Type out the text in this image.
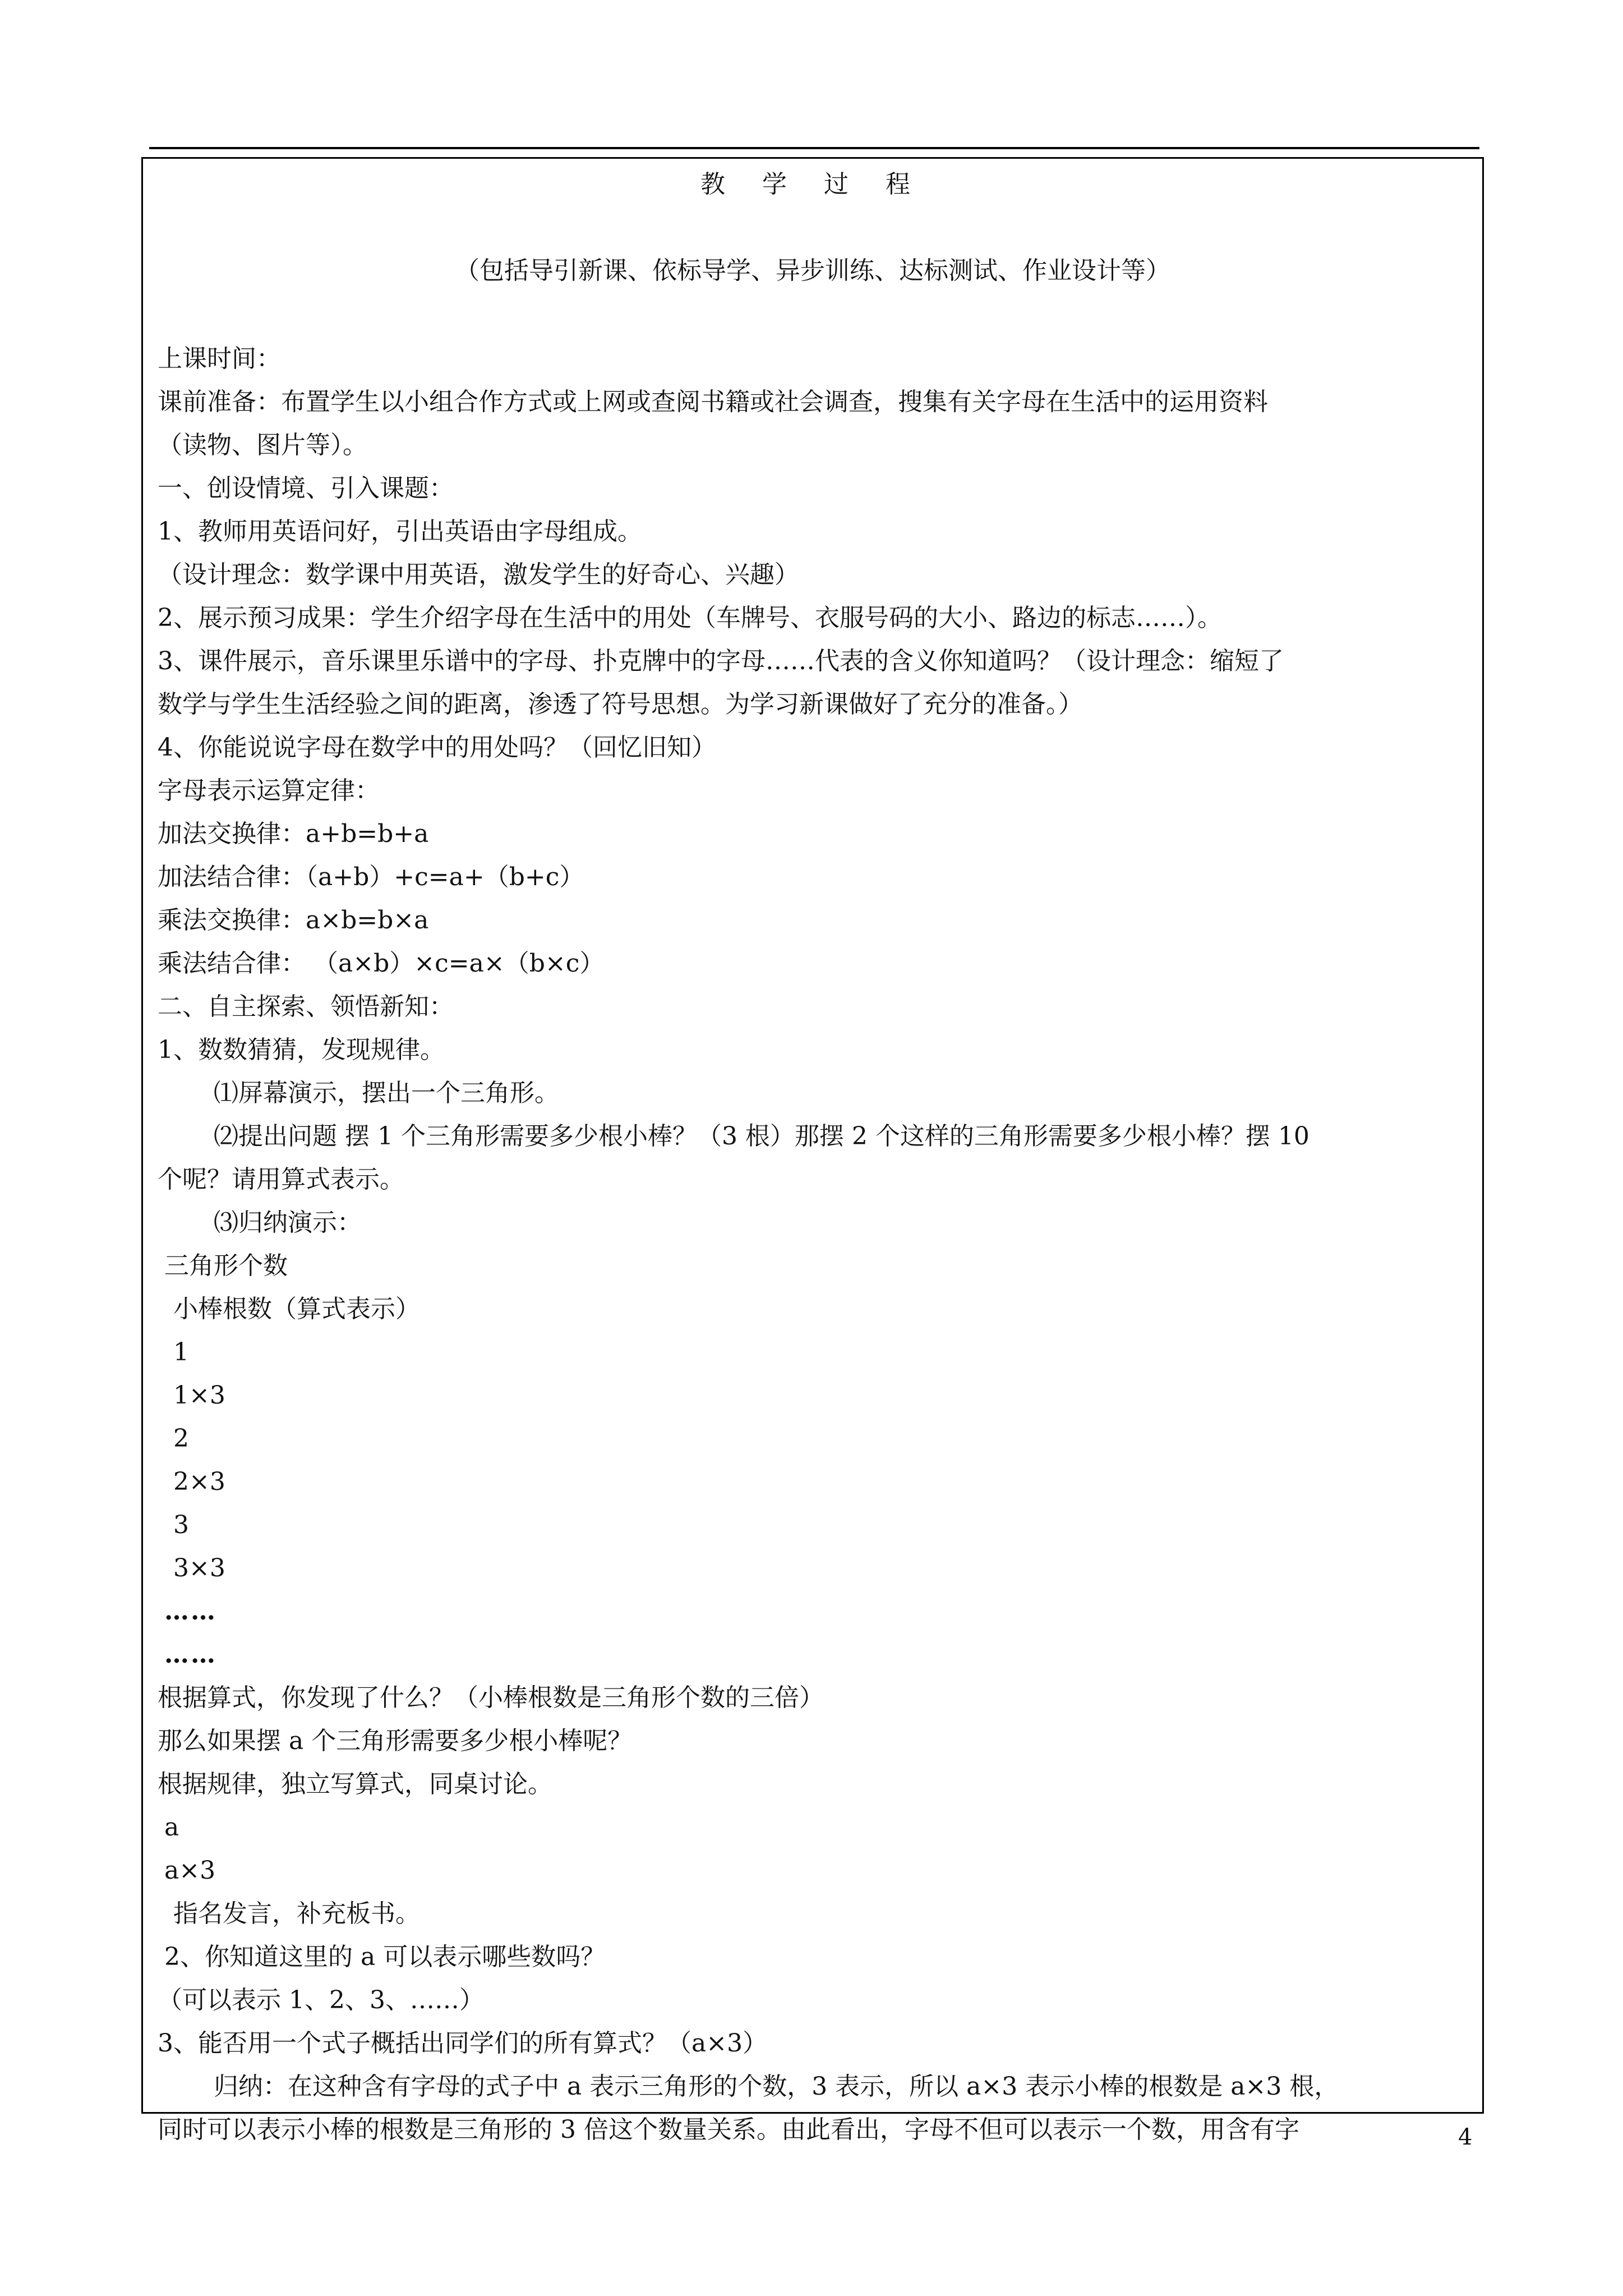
教 学 过 程
（包括导引新课、依标导学、异步训练、达标测试、作业设计等）
上课时间：
课前准备：布置学生以小组合作方式或上网或查阅书籍或社会调查，搜集有关字母在生活中的运用资料
（读物、图片等）。
一、创设情境、引入课题：
1、教师用英语问好，引出英语由字母组成。
（设计理念：数学课中用英语，激发学生的好奇心、兴趣）
2、展示预习成果：学生介绍字母在生活中的用处（车牌号、衣服号码的大小、路边的标志……）。
3、课件展示，音乐课里乐谱中的字母、扑克牌中的字母……代表的含义你知道吗？（设计理念：缩短了
数学与学生生活经验之间的距离，渗透了符号思想。为学习新课做好了充分的准备。）
4、你能说说字母在数学中的用处吗？（回忆旧知）
字母表示运算定律：
加法交换律：a+b=b+a
加法结合律：（a+b）+c=a+（b+c）
乘法交换律：a×b=b×a
乘法结合律： （a×b）×c=a×（b×c）
二、自主探索、领悟新知：
1、数数猜猜，发现规律。
⑴屏幕演示，摆出一个三角形。
⑵提出问题 摆 1 个三角形需要多少根小棒？（3 根）那摆 2 个这样的三角形需要多少根小棒？摆 10
个呢？请用算式表示。
⑶归纳演示：
三角形个数
小棒根数（算式表示）
1
1×3
2
2×3
3
3×3
……
……
根据算式，你发现了什么？（小棒根数是三角形个数的三倍）
那么如果摆 a 个三角形需要多少根小棒呢？
根据规律，独立写算式，同桌讨论。
a
a×3
指名发言，补充板书。
2、你知道这里的 a 可以表示哪些数吗？
（可以表示 1、2、3、……）
3、能否用一个式子概括出同学们的所有算式？（a×3）
归纳：在这种含有字母的式子中 a 表示三角形的个数，3 表示，所以 a×3 表示小棒的根数是 a×3 根，
同时可以表示小棒的根数是三角形的 3 倍这个数量关系。由此看出，字母不但可以表示一个数，用含有字	4
